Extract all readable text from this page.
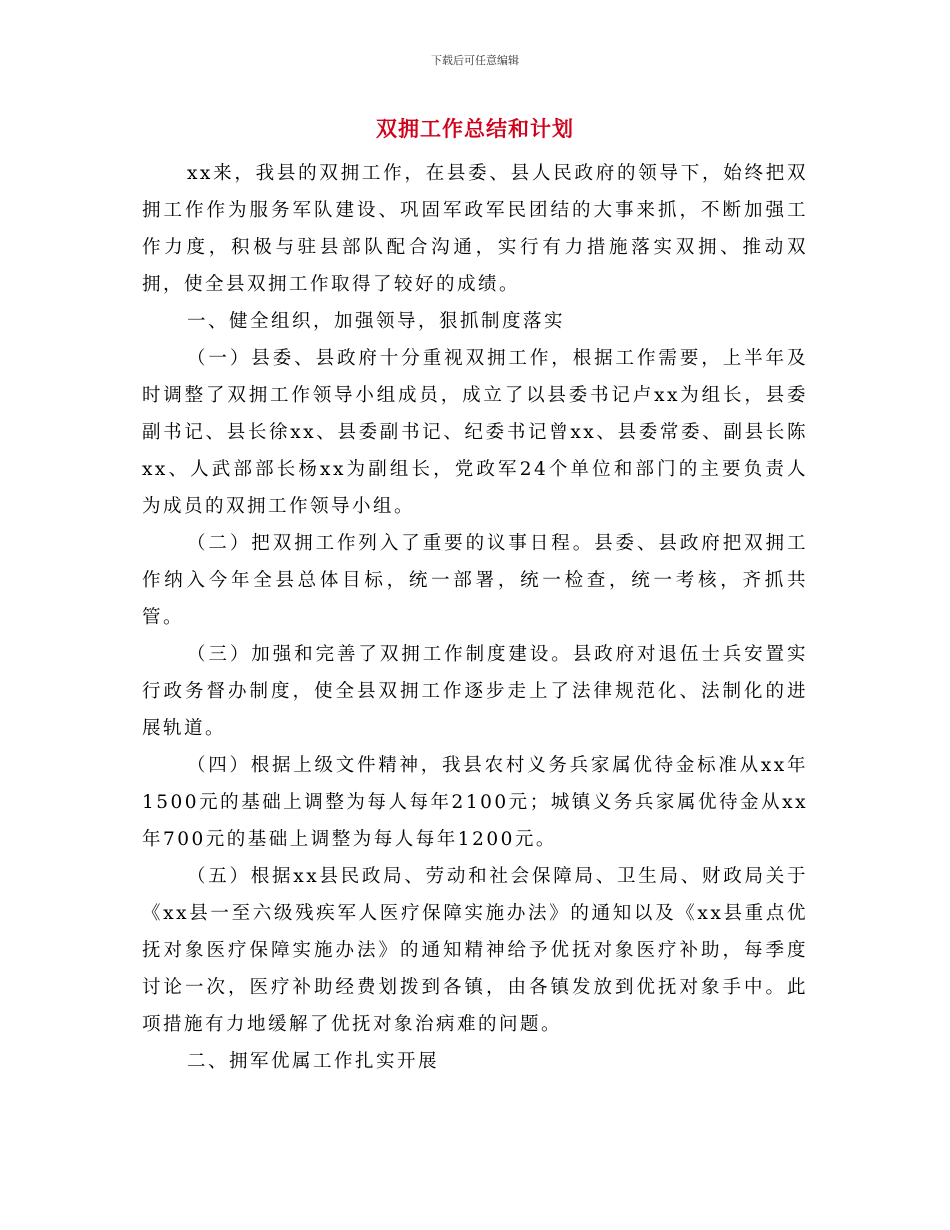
下载后可任意编辑
双拥工作总结和计划

xx来，我县的双拥工作，在县委、县人民政府的领导下，始终把双拥工作作为服务军队建设、巩固军政军民团结的大事来抓，不断加强工作力度，积极与驻县部队配合沟通，实行有力措施落实双拥、推动双拥，使全县双拥工作取得了较好的成绩。

一、健全组织，加强领导，狠抓制度落实

（一）县委、县政府十分重视双拥工作，根据工作需要，上半年及时调整了双拥工作领导小组成员，成立了以县委书记卢xx为组长，县委副书记、县长徐xx、县委副书记、纪委书记曾xx、县委常委、副县长陈xx、人武部部长杨xx为副组长，党政军24个单位和部门的主要负责人为成员的双拥工作领导小组。

（二）把双拥工作列入了重要的议事日程。县委、县政府把双拥工作纳入今年全县总体目标，统一部署，统一检查，统一考核，齐抓共管。

（三）加强和完善了双拥工作制度建设。县政府对退伍士兵安置实行政务督办制度，使全县双拥工作逐步走上了法律规范化、法制化的进展轨道。

（四）根据上级文件精神，我县农村义务兵家属优待金标准从xx年1500元的基础上调整为每人每年2100元；城镇义务兵家属优待金从xx年700元的基础上调整为每人每年1200元。

（五）根据xx县民政局、劳动和社会保障局、卫生局、财政局关于《xx县一至六级残疾军人医疗保障实施办法》的通知以及《xx县重点优抚对象医疗保障实施办法》的通知精神给予优抚对象医疗补助，每季度讨论一次，医疗补助经费划拨到各镇，由各镇发放到优抚对象手中。此项措施有力地缓解了优抚对象治病难的问题。

二、拥军优属工作扎实开展
